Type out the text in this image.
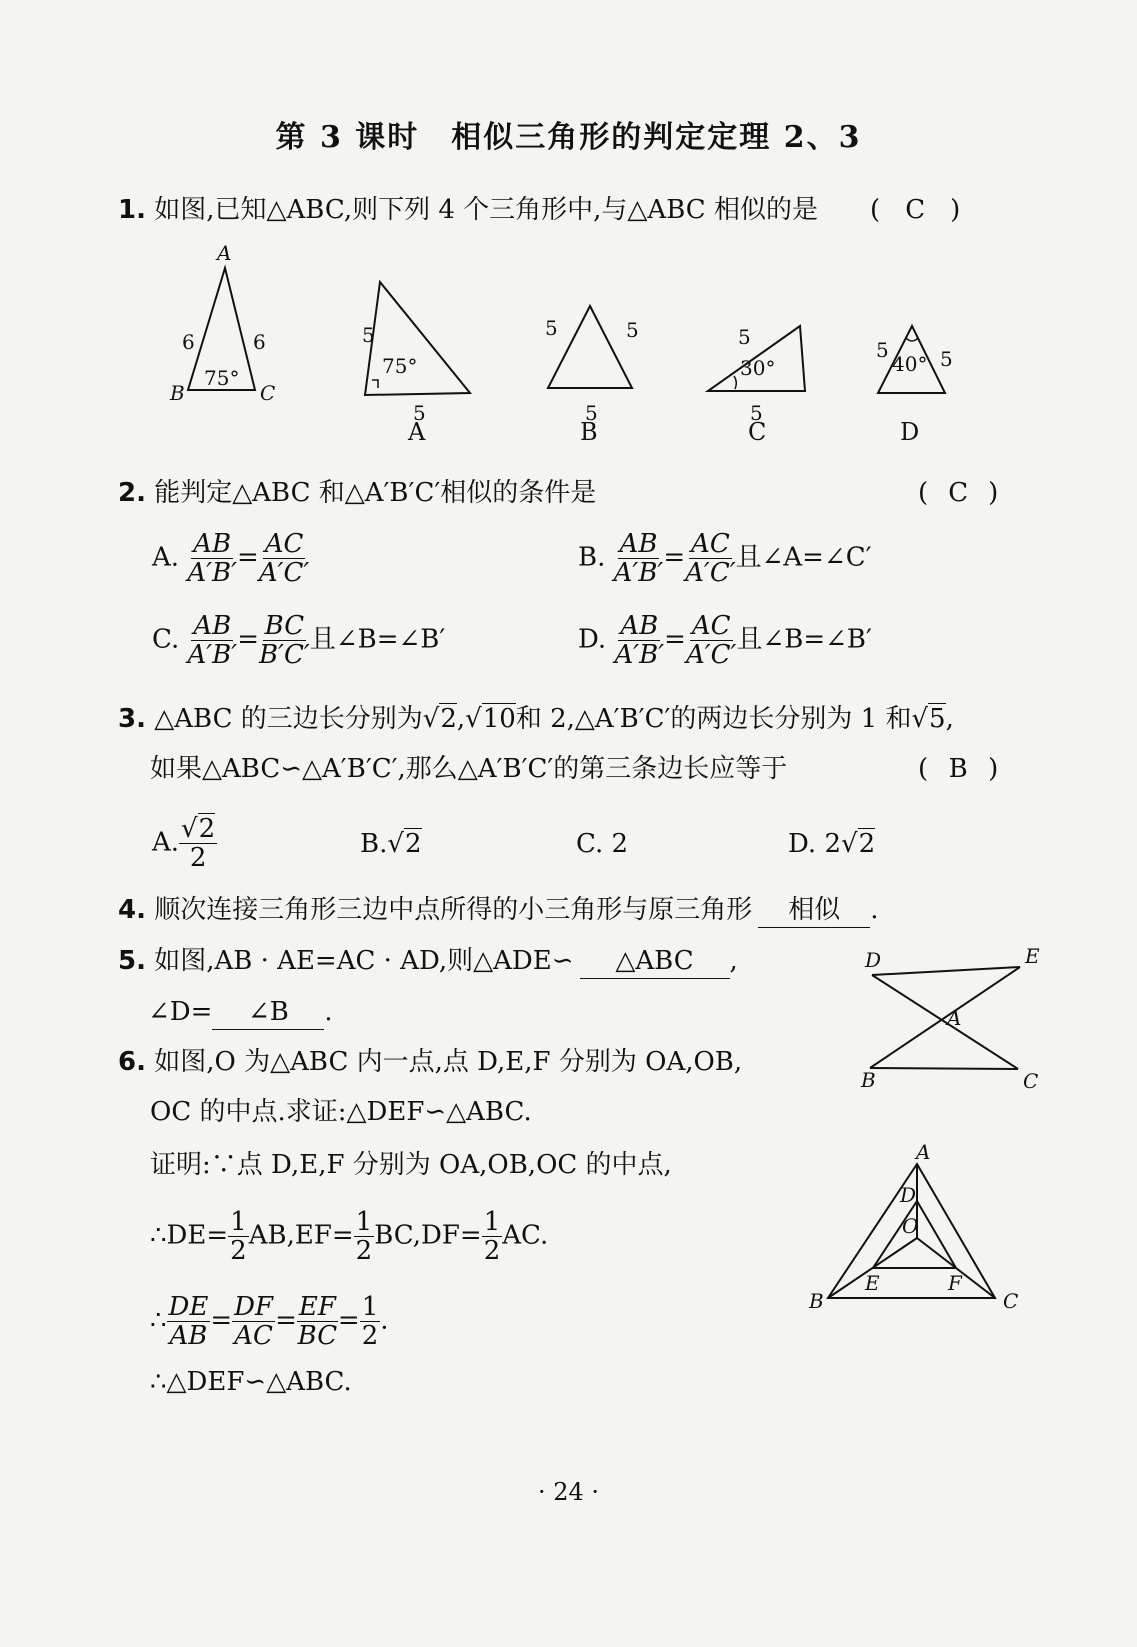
第 3 课时　相似三角形的判定定理 2、3
1. 如图,已知△ABC,则下列 4 个三角形中,与△ABC 相似的是 ( C )
A
B	C
6	6
75°
5
5
75°
A
5	5
5
B
5
5
30°
C
5	5
40°
D
2. 能判定△ABC 和△A′B′C′相似的条件是	( C )
A. $\frac{AB}{A'B'} = \frac{AC}{A'C'}$	B. $\frac{AB}{A'B'} = \frac{AC}{A'C'}$ 且∠A=∠C′
C. $\frac{AB}{A'B'} = \frac{BC}{B'C'}$ 且∠B=∠B′	D. $\frac{AB}{A'B'} = \frac{AC}{A'C'}$ 且∠B=∠B′
3. △ABC 的三边长分别为√2,√10和 2,△A′B′C′的两边长分别为 1 和√5,
如果△ABC∽△A′B′C′,那么△A′B′C′的第三条边长应等于	( B )
A. $\frac{√2}{2}$	B.√2	C. 2	D. 2√2
4. 顺次连接三角形三边中点所得的小三角形与原三角形 相似 .
5. 如图,AB · AE=AC · AD,则△ADE∽ △ABC ,
∠D= ∠B .
D	E
A
B	C
6. 如图,O 为△ABC 内一点,点 D,E,F 分别为 OA,OB,
OC 的中点.求证:△DEF∽△ABC.
证明:∵点 D,E,F 分别为 OA,OB,OC 的中点,
∴DE= $\frac{1}{2} AB,EF= \frac{1}{2} BC,DF= \frac{1}{2}$ AC.
∴ $\frac{DE}{AB} = \frac{DF}{AC} = \frac{EF}{BC} = \frac{1}{2}$ .
∴△DEF∽△ABC.
A
B	C
D
E	F
O
· 24 ·
